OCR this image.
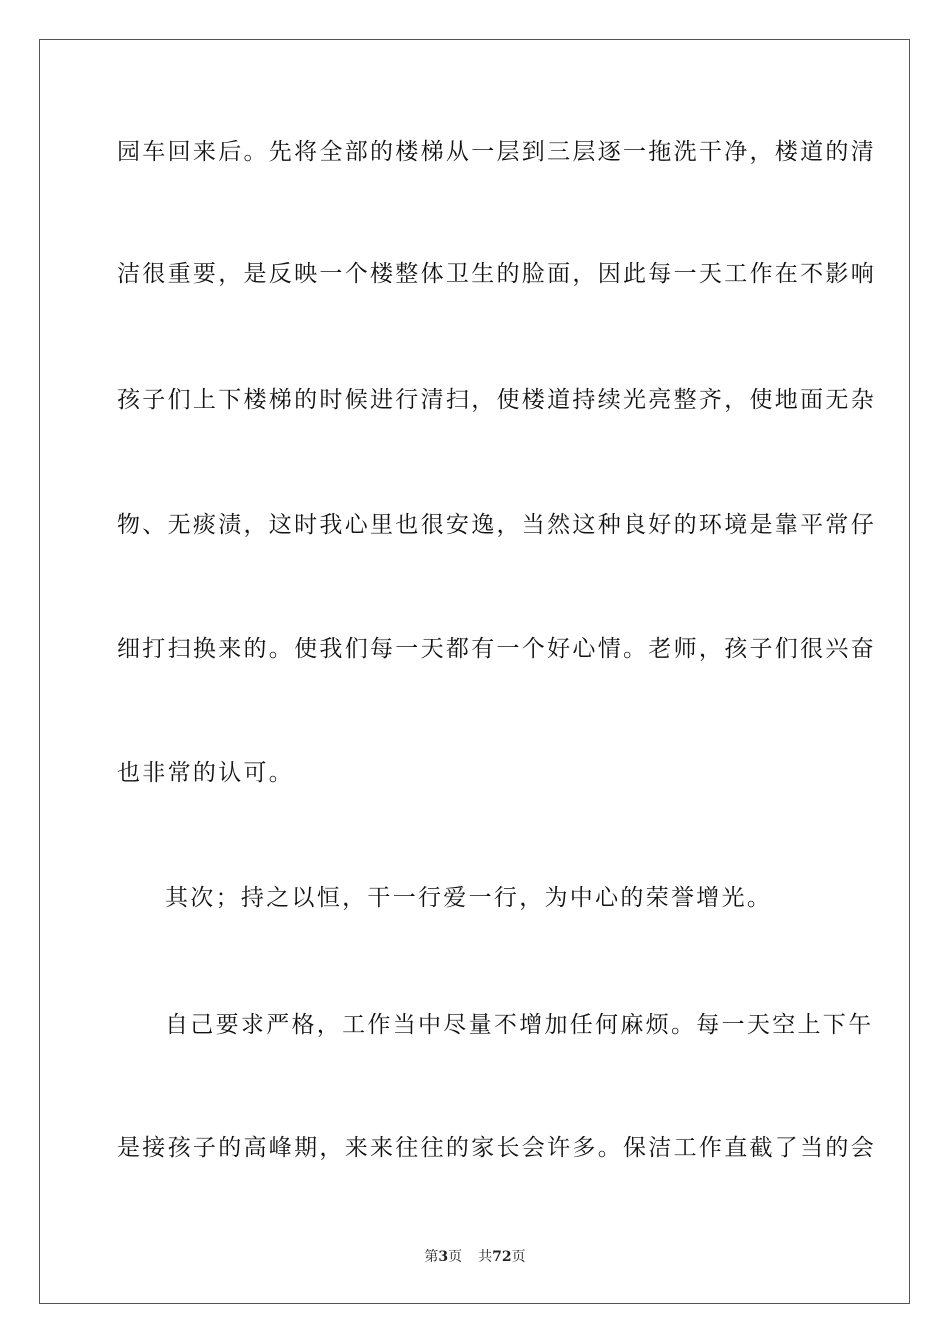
园车回来后。先将全部的楼梯从一层到三层逐一拖洗干净，楼道的清
洁很重要，是反映一个楼整体卫生的脸面，因此每一天工作在不影响
孩子们上下楼梯的时候进行清扫，使楼道持续光亮整齐，使地面无杂
物、无痰渍，这时我心里也很安逸，当然这种良好的环境是靠平常仔
细打扫换来的。使我们每一天都有一个好心情。老师，孩子们很兴奋
也非常的认可。
其次；持之以恒，干一行爱一行，为中心的荣誉增光。
自己要求严格，工作当中尽量不增加任何麻烦。每一天空上下午
是接孩子的高峰期，来来往往的家长会许多。保洁工作直截了当的会
第3页 共72页
